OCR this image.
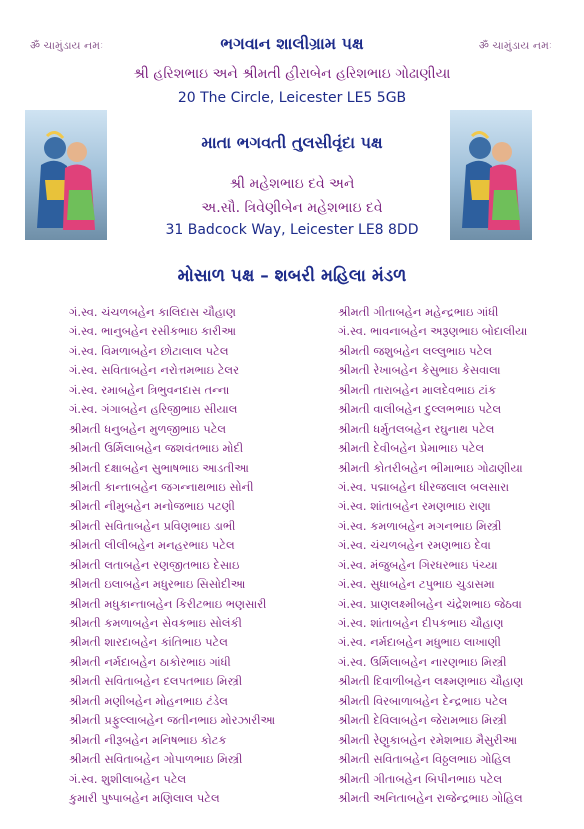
ॐ ચામુંડાય નમઃ	ॐ ચામુંડાય નમઃ
ભગવાન શાલીગ્રામ પક્ષ
શ્રી હરિશભાઇ અને શ્રીમતી હીરાબેન હરિશભાઇ ગોઢાણીયા
20 The Circle, Leicester LE5 5GB
માતા ભગવતી તુલસીવૃંદા પક્ષ
શ્રી મહેશભાઇ દવે અને
અ.સૌ. ત્રિવેણીબેન મહેશભાઇ દવે
31 Badcock Way, Leicester LE8 8DD
મોસાળ પક્ષ – શબરી મહિલા મંડળ
ગં.સ્વ. ચંચળબહેન કાલિદાસ ચૌહાણ
ગં.સ્વ. ભાનુબહેન રસીકભાઇ કારીઆ
ગં.સ્વ. વિમળાબહેન છોટાલાલ પટેલ
ગં.સ્વ. સવિતાબહેન નરોત્તમભાઇ ટેલર
ગં.સ્વ. રમાબહેન ત્રિભુવનદાસ તન્ના
ગં.સ્વ. ગંગાબહેન હરિજીભાઇ સીયાલ
શ્રીમતી ધનુબહેન મુળજીભાઇ પટેલ
શ્રીમતી ઉર્મિલાબહેન જશવંતભાઇ મોદી
શ્રીમતી દક્ષાબહેન સુભાષભાઇ આડતીઆ
શ્રીમતી કાન્તાબહેન જગન્નાથભાઇ સોની
શ્રીમતી નીમુબહેન મનોજભાઇ પટણી
શ્રીમતી સવિતાબહેન પ્રવિણભાઇ ડાભી
શ્રીમતી લીલીબહેન મનહરભાઇ પટેલ
શ્રીમતી લતાબહેન રણજીતભાઇ દેસાઇ
શ્રીમતી ઇલાબહેન મધુરભાઇ સિસોદીઆ
શ્રીમતી મધુકાન્તાબહેન કિરીટભાઇ ભણસારી
શ્રીમતી કમળાબહેન સેવકભાઇ સોલંકી
શ્રીમતી શારદાબહેન કાંતિભાઇ પટેલ
શ્રીમતી નર્મદાબહેન ઠાકોરભાઇ ગાંધી
શ્રીમતી સવિતાબહેન દલપતભાઇ મિસ્ત્રી
શ્રીમતી મણીબહેન મોહનભાઇ ટંડેલ
શ્રીમતી પ્રફુલ્લાબહેન જતીનભાઇ મોરઝારીઆ
શ્રીમતી નીરૂબહેન મનિષભાઇ કોટક
શ્રીમતી સવિતાબહેન ગોપાળભાઇ મિસ્ત્રી
ગં.સ્વ. શુશીલાબહેન પટેલ
કુમારી પુષ્પાબહેન મણિલાલ પટેલ
શ્રીમતી ગીતાબહેન મહેન્દ્રભાઇ ગાંધી
ગં.સ્વ. ભાવનાબહેન અરૂણભાઇ બોદાલીયા
શ્રીમતી જશુબહેન લલ્લુભાઇ પટેલ
શ્રીમતી રેખાબહેન કેસુભાઇ કેસવાલા
શ્રીમતી તારાબહેન માલદેવભાઇ ટાંક
શ્રીમતી વાલીબહેન દુલ્લભભાઇ પટેલ
શ્રીમતી ધર્મુતલબહેન રઘુનાથ પટેલ
શ્રીમતી દેવીબહેન પ્રેમાભાઇ પટેલ
શ્રીમતી કોતરીબહેન ભીમાભાઇ ગોઢાણીયા
ગં.સ્વ. પદ્માબહેન ધીરજલાલ બલસારા
ગં.સ્વ. શાંતાબહેન રમણભાઇ રાણા
ગં.સ્વ. કમળાબહેન મગનભાઇ મિસ્ત્રી
ગં.સ્વ. ચંચળબહેન રમણભાઇ દેવા
ગં.સ્વ. મંજુબહેન ગિરધરભાઇ પંચ્યા
ગં.સ્વ. સુધાબહેન ટપુભાઇ ચુડાસમા
ગં.સ્વ. પ્રાણલક્ષ્મીબહેન ચંદ્રેશભાઇ જેઠવા
ગં.સ્વ. શાંતાબહેન દીપકભાઇ ચૌહાણ
ગં.સ્વ. નર્મદાબહેન મધુભાઇ લાખાણી
ગં.સ્વ. ઉર્મિલાબહેન નારણભાઇ મિસ્ત્રી
શ્રીમતી દિવાળીબહેન લક્ષ્મણભાઇ ચૌહાણ
શ્રીમતી વિરબાળાબહેન દેન્દ્રભાઇ પટેલ
શ્રીમતી દેવિલાબહેન જેરામભાઇ મિસ્ત્રી
શ્રીમતી રેણુકાબહેન રમેશભાઇ મૈસુરીઆ
શ્રીમતી સવિતાબહેન વિઠ્ઠલભાઇ ગોહિલ
શ્રીમતી ગીતાબહેન બિપીનભાઇ પટેલ
શ્રીમતી અનિતાબહેન રાજેન્દ્રભાઇ ગોહિલ
